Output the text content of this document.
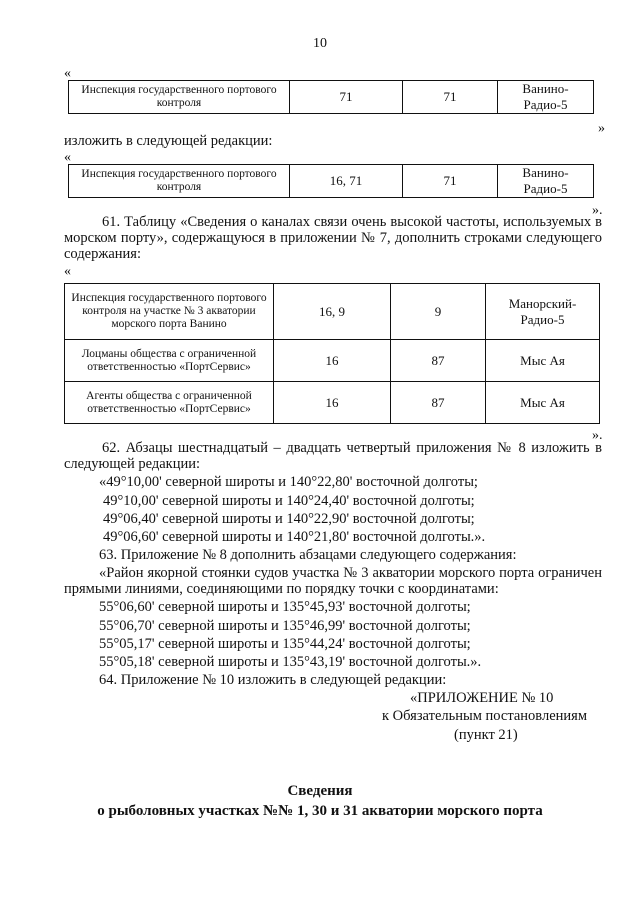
10
«
Инспекция государственного портового контроля	71	71	Ванино-Радио-5
»
изложить в следующей редакции:
«
Инспекция государственного портового контроля	16, 71	71	Ванино-Радио-5
».
61. Таблицу «Сведения о каналах связи очень высокой частоты, используемых в морском порту», содержащуюся в приложении № 7, дополнить строками следующего содержания:
«
Инспекция государственного портового контроля на участке № 3 акватории морского порта Ванино	16, 9	9	Манорский-Радио-5
Лоцманы общества с ограниченной ответственностью «ПортСервис»	16	87	Мыс Ая
Агенты общества с ограниченной ответственностью «ПортСервис»	16	87	Мыс Ая
».
62. Абзацы шестнадцатый – двадцать четвертый приложения № 8 изложить в следующей редакции:
«49°10,00' северной широты и 140°22,80' восточной долготы;
49°10,00' северной широты и 140°24,40' восточной долготы;
49°06,40' северной широты и 140°22,90' восточной долготы;
49°06,60' северной широты и 140°21,80' восточной долготы.».
63. Приложение № 8 дополнить абзацами следующего содержания:
«Район якорной стоянки судов участка № 3 акватории морского порта ограничен прямыми линиями, соединяющими по порядку точки с координатами:
55°06,60' северной широты и 135°45,93' восточной долготы;
55°06,70' северной широты и 135°46,99' восточной долготы;
55°05,17' северной широты и 135°44,24' восточной долготы;
55°05,18' северной широты и 135°43,19' восточной долготы.».
64. Приложение № 10 изложить в следующей редакции:
«ПРИЛОЖЕНИЕ № 10
к Обязательным постановлениям
(пункт 21)
Сведения
о рыболовных участках №№ 1, 30 и 31 акватории морского порта
